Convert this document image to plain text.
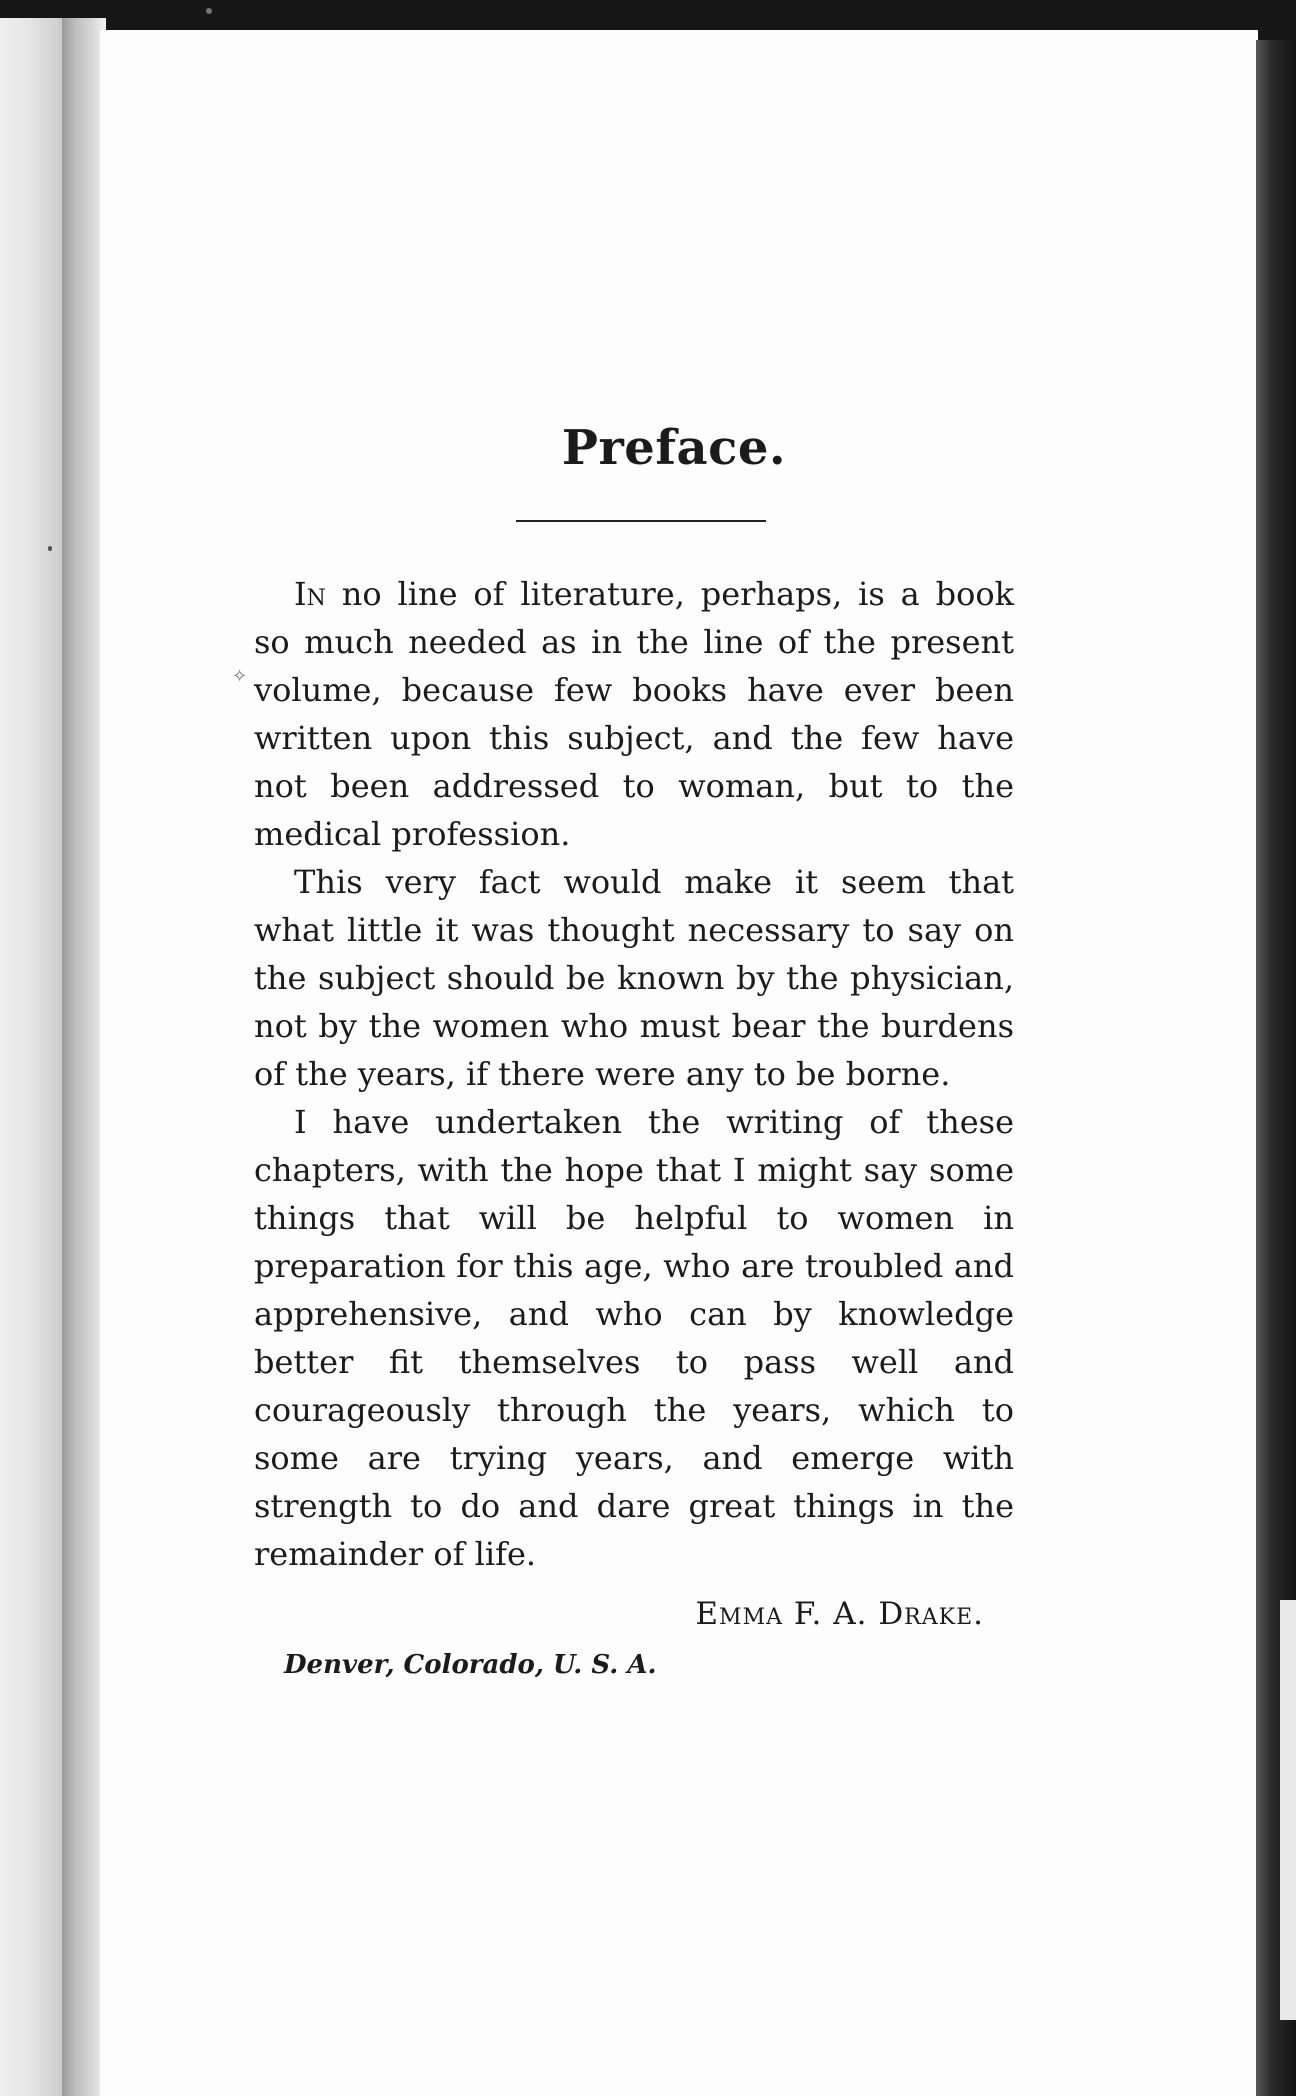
✧
Preface.

In no line of literature, perhaps, is a book so much needed as in the line of the present volume, because few books have ever been written upon this subject, and the few have not been addressed to woman, but to the medical profession.

This very fact would make it seem that what little it was thought necessary to say on the subject should be known by the physician, not by the women who must bear the burdens of the years, if there were any to be borne.

I have undertaken the writing of these chapters, with the hope that I might say some things that will be helpful to women in preparation for this age, who are troubled and apprehensive, and who can by knowledge better fit themselves to pass well and courageously through the years, which to some are trying years, and emerge with strength to do and dare great things in the remainder of life.

Emma F. A. Drake.
Denver, Colorado, U. S. A.
